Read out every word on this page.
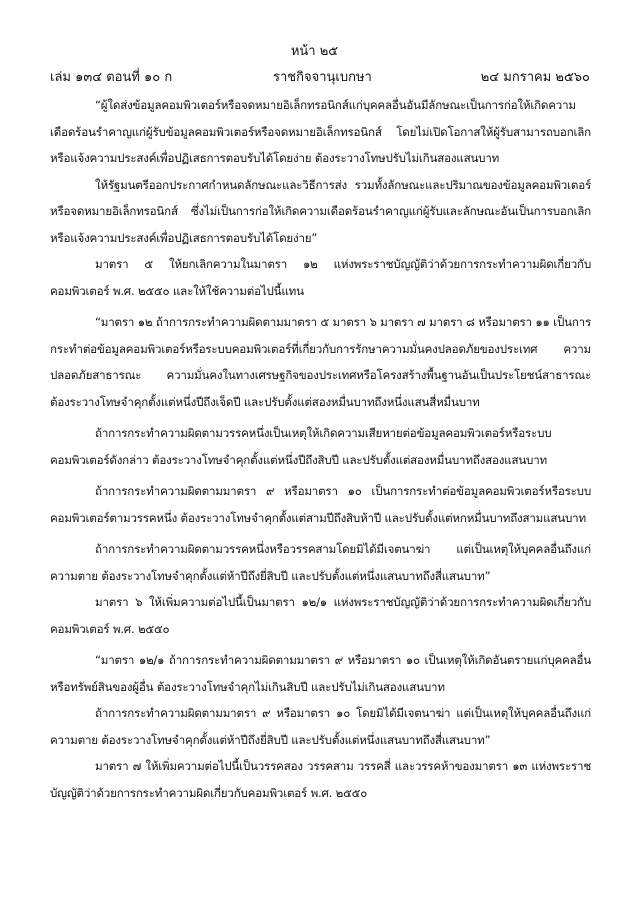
หน้า ๒๕
เล่ม ๑๓๔ ตอนที่ ๑๐ ก	ราชกิจจานุเบกษา	๒๔ มกราคม ๒๕๖๐

“ผู้ใดส่งข้อมูลคอมพิวเตอร์หรือจดหมายอิเล็กทรอนิกส์แก่บุคคลอื่นอันมีลักษณะเป็นการก่อให้เกิดความเดือดร้อนรำคาญแก่ผู้รับข้อมูลคอมพิวเตอร์หรือจดหมายอิเล็กทรอนิกส์ โดยไม่เปิดโอกาสให้ผู้รับสามารถบอกเลิกหรือแจ้งความประสงค์เพื่อปฏิเสธการตอบรับได้โดยง่าย ต้องระวางโทษปรับไม่เกินสองแสนบาท

ให้รัฐมนตรีออกประกาศกำหนดลักษณะและวิธีการส่ง รวมทั้งลักษณะและปริมาณของข้อมูลคอมพิวเตอร์หรือจดหมายอิเล็กทรอนิกส์ ซึ่งไม่เป็นการก่อให้เกิดความเดือดร้อนรำคาญแก่ผู้รับและลักษณะอันเป็นการบอกเลิกหรือแจ้งความประสงค์เพื่อปฏิเสธการตอบรับได้โดยง่าย”

มาตรา ๕ ให้ยกเลิกความในมาตรา ๑๒ แห่งพระราชบัญญัติว่าด้วยการกระทำความผิดเกี่ยวกับคอมพิวเตอร์ พ.ศ. ๒๕๕๐ และให้ใช้ความต่อไปนี้แทน

“มาตรา ๑๒ ถ้าการกระทำความผิดตามมาตรา ๕ มาตรา ๖ มาตรา ๗ มาตรา ๘ หรือมาตรา ๑๑ เป็นการกระทำต่อข้อมูลคอมพิวเตอร์หรือระบบคอมพิวเตอร์ที่เกี่ยวกับการรักษาความมั่นคงปลอดภัยของประเทศ ความปลอดภัยสาธารณะ ความมั่นคงในทางเศรษฐกิจของประเทศหรือโครงสร้างพื้นฐานอันเป็นประโยชน์สาธารณะ ต้องระวางโทษจำคุกตั้งแต่หนึ่งปีถึงเจ็ดปี และปรับตั้งแต่สองหมื่นบาทถึงหนึ่งแสนสี่หมื่นบาท

ถ้าการกระทำความผิดตามวรรคหนึ่งเป็นเหตุให้เกิดความเสียหายต่อข้อมูลคอมพิวเตอร์หรือระบบคอมพิวเตอร์ดังกล่าว ต้องระวางโทษจำคุกตั้งแต่หนึ่งปีถึงสิบปี และปรับตั้งแต่สองหมื่นบาทถึงสองแสนบาท

ถ้าการกระทำความผิดตามมาตรา ๙ หรือมาตรา ๑๐ เป็นการกระทำต่อข้อมูลคอมพิวเตอร์หรือระบบคอมพิวเตอร์ตามวรรคหนึ่ง ต้องระวางโทษจำคุกตั้งแต่สามปีถึงสิบห้าปี และปรับตั้งแต่หกหมื่นบาทถึงสามแสนบาท

ถ้าการกระทำความผิดตามวรรคหนึ่งหรือวรรคสามโดยมิได้มีเจตนาฆ่า แต่เป็นเหตุให้บุคคลอื่นถึงแก่ความตาย ต้องระวางโทษจำคุกตั้งแต่ห้าปีถึงยี่สิบปี และปรับตั้งแต่หนึ่งแสนบาทถึงสี่แสนบาท”

มาตรา ๖ ให้เพิ่มความต่อไปนี้เป็นมาตรา ๑๒/๑ แห่งพระราชบัญญัติว่าด้วยการกระทำความผิดเกี่ยวกับคอมพิวเตอร์ พ.ศ. ๒๕๕๐

“มาตรา ๑๒/๑ ถ้าการกระทำความผิดตามมาตรา ๙ หรือมาตรา ๑๐ เป็นเหตุให้เกิดอันตรายแก่บุคคลอื่นหรือทรัพย์สินของผู้อื่น ต้องระวางโทษจำคุกไม่เกินสิบปี และปรับไม่เกินสองแสนบาท

ถ้าการกระทำความผิดตามมาตรา ๙ หรือมาตรา ๑๐ โดยมิได้มีเจตนาฆ่า แต่เป็นเหตุให้บุคคลอื่นถึงแก่ความตาย ต้องระวางโทษจำคุกตั้งแต่ห้าปีถึงยี่สิบปี และปรับตั้งแต่หนึ่งแสนบาทถึงสี่แสนบาท”

มาตรา ๗ ให้เพิ่มความต่อไปนี้เป็นวรรคสอง วรรคสาม วรรคสี่ และวรรคห้าของมาตรา ๑๓ แห่งพระราชบัญญัติว่าด้วยการกระทำความผิดเกี่ยวกับคอมพิวเตอร์ พ.ศ. ๒๕๕๐
